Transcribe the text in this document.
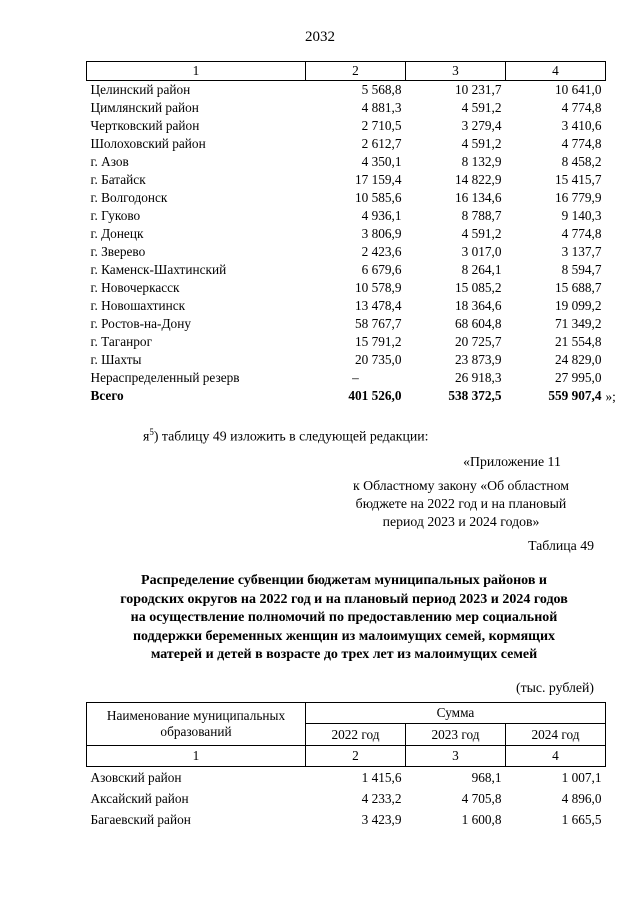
2032
1	2	3	4
Целинский район	5 568,8	10 231,7	10 641,0
Цимлянский район	4 881,3	4 591,2	4 774,8
Чертковский район	2 710,5	3 279,4	3 410,6
Шолоховский район	2 612,7	4 591,2	4 774,8
г. Азов	4 350,1	8 132,9	8 458,2
г. Батайск	17 159,4	14 822,9	15 415,7
г. Волгодонск	10 585,6	16 134,6	16 779,9
г. Гуково	4 936,1	8 788,7	9 140,3
г. Донецк	3 806,9	4 591,2	4 774,8
г. Зверево	2 423,6	3 017,0	3 137,7
г. Каменск-Шахтинский	6 679,6	8 264,1	8 594,7
г. Новочеркасск	10 578,9	15 085,2	15 688,7
г. Новошахтинск	13 478,4	18 364,6	19 099,2
г. Ростов-на-Дону	58 767,7	68 604,8	71 349,2
г. Таганрог	15 791,2	20 725,7	21 554,8
г. Шахты	20 735,0	23 873,9	24 829,0
Нераспределенный резерв	–	26 918,3	27 995,0
Всего	401 526,0	538 372,5	559 907,4 »;
$я^5$) таблицу 49 изложить в следующей редакции:
«Приложение 11
к Областному закону «Об областном
бюджете на 2022 год и на плановый
период 2023 и 2024 годов»
Таблица 49
Распределение субвенции бюджетам муниципальных районов и
городских округов на 2022 год и на плановый период 2023 и 2024 годов
на осуществление полномочий по предоставлению мер социальной
поддержки беременных женщин из малоимущих семей, кормящих
матерей и детей в возрасте до трех лет из малоимущих семей
(тыс. рублей)
Наименование муниципальных
образований	Сумма		
	2022 год	2023 год	2024 год
1	2	3	4
Азовский район	1 415,6	968,1	1 007,1
Аксайский район	4 233,2	4 705,8	4 896,0
Багаевский район	3 423,9	1 600,8	1 665,5
